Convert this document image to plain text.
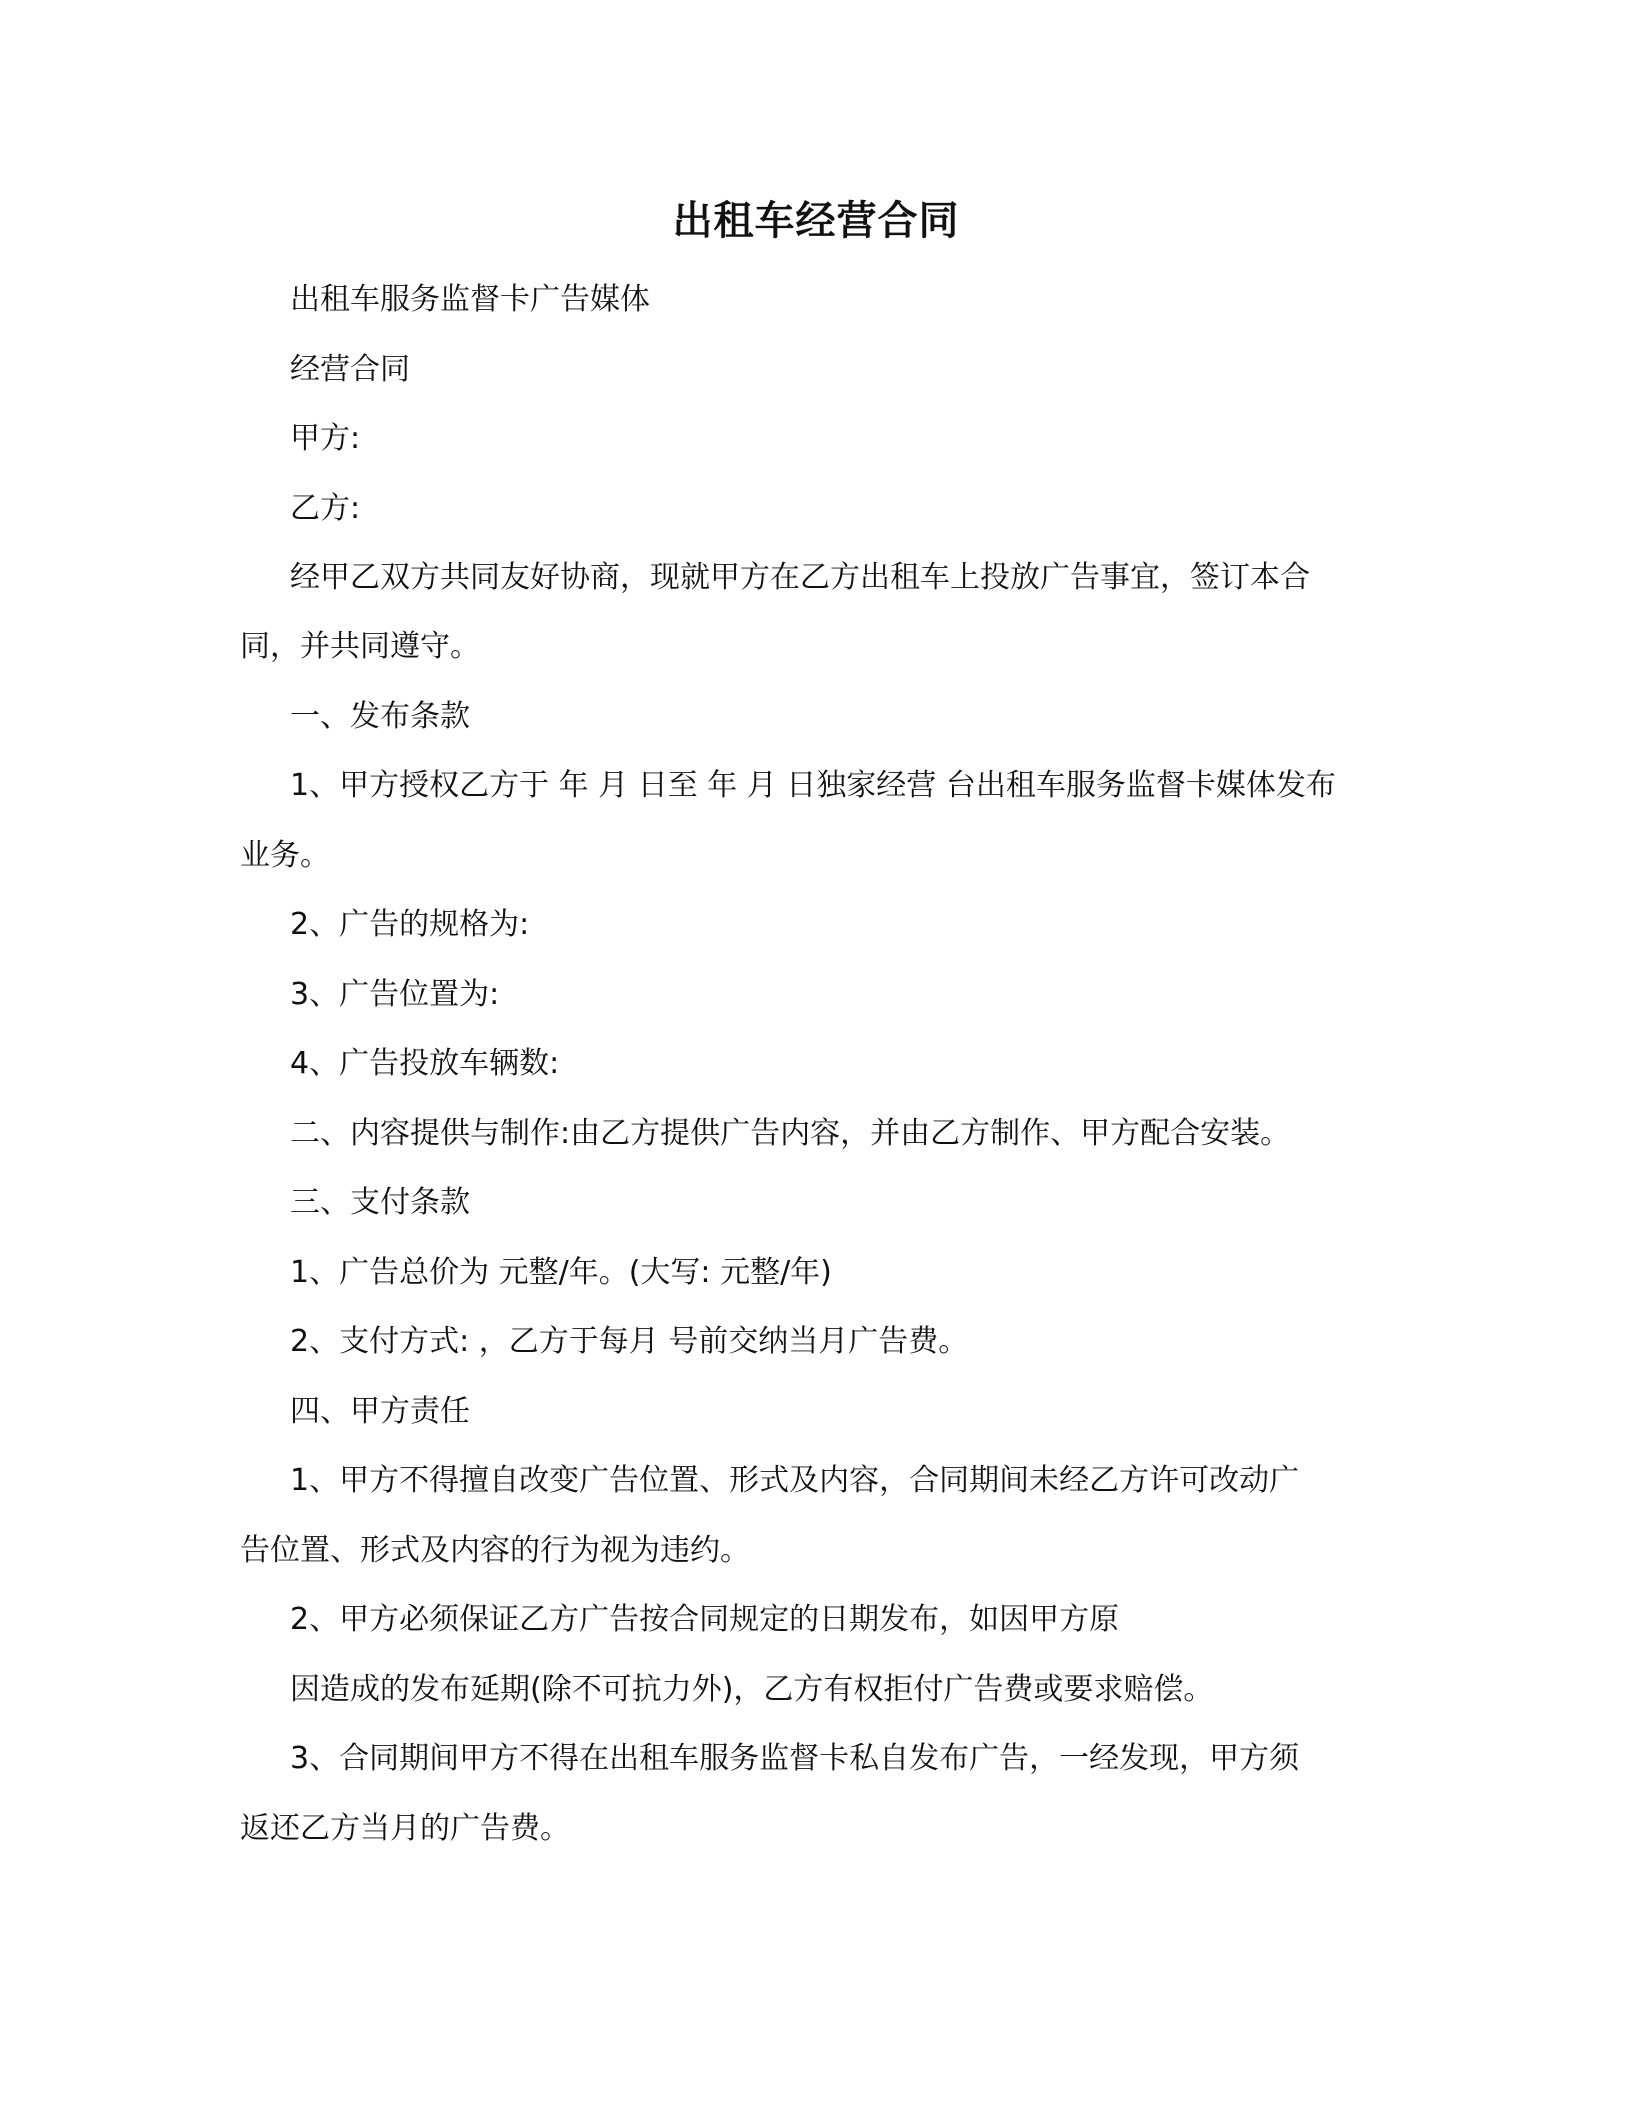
出租车经营合同
出租车服务监督卡广告媒体
经营合同
甲方:
乙方:
经甲乙双方共同友好协商，现就甲方在乙方出租车上投放广告事宜，签订本合
同，并共同遵守。
一、发布条款
1、甲方授权乙方于 年 月 日至 年 月 日独家经营 台出租车服务监督卡媒体发布
业务。
2、广告的规格为:
3、广告位置为:
4、广告投放车辆数:
二、内容提供与制作:由乙方提供广告内容，并由乙方制作、甲方配合安装。
三、支付条款
1、广告总价为 元整/年。(大写: 元整/年)
2、支付方式: ，乙方于每月 号前交纳当月广告费。
四、甲方责任
1、甲方不得擅自改变广告位置、形式及内容，合同期间未经乙方许可改动广
告位置、形式及内容的行为视为违约。
2、甲方必须保证乙方广告按合同规定的日期发布，如因甲方原
因造成的发布延期(除不可抗力外)，乙方有权拒付广告费或要求赔偿。
3、合同期间甲方不得在出租车服务监督卡私自发布广告，一经发现，甲方须
返还乙方当月的广告费。
